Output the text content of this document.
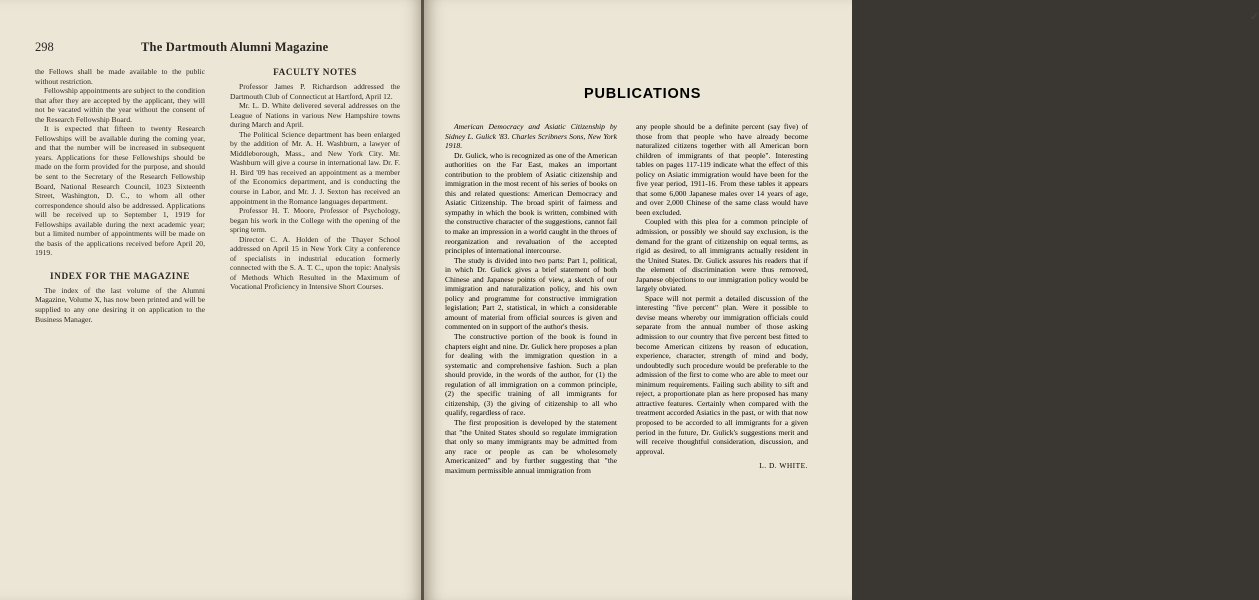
298	The Dartmouth Alumni Magazine

the Fellows shall be made available to the public without restriction.

Fellowship appointments are subject to the condition that after they are accepted by the applicant, they will not be vacated within the year without the consent of the Research Fellowship Board.

It is expected that fifteen to twenty Research Fellowships will be available during the coming year, and that the number will be increased in subsequent years. Applications for these Fellowships should be made on the form provided for the purpose, and should be sent to the Secretary of the Research Fellowship Board, National Research Council, 1023 Sixteenth Street, Washington, D. C., to whom all other correspondence should also be addressed. Applications will be received up to September 1, 1919 for Fellowships available during the next academic year; but a limited number of appointments will be made on the basis of the applications received before April 20, 1919.

INDEX FOR THE MAGAZINE

The index of the last volume of the Alumni Magazine, Volume X, has now been printed and will be supplied to any one desiring it on application to the Business Manager.

FACULTY NOTES

Professor James P. Richardson addressed the Dartmouth Club of Connecticut at Hartford, April 12.

Mr. L. D. White delivered several addresses on the League of Nations in various New Hampshire towns during March and April.

The Political Science department has been enlarged by the addition of Mr. A. H. Washburn, a lawyer of Middleborough, Mass., and New York City. Mr. Washburn will give a course in international law. Dr. F. H. Bird '09 has received an appointment as a member of the Economics department, and is conducting the course in Labor, and Mr. J. J. Sexton has received an appointment in the Romance languages department.

Professor H. T. Moore, Professor of Psychology, began his work in the College with the opening of the spring term.

Director C. A. Holden of the Thayer School addressed on April 15 in New York City a conference of specialists in industrial education formerly connected with the S. A. T. C., upon the topic: Analysis of Methods Which Resulted in the Maximum of Vocational Proficiency in Intensive Short Courses.

✓
PUBLICATIONS

American Democracy and Asiatic Citizenship by Sidney L. Gulick '83. Charles Scribners Sons, New York 1918.

Dr. Gulick, who is recognized as one of the American authorities on the Far East, makes an important contribution to the problem of Asiatic citizenship and immigration in the most recent of his series of books on this and related questions: American Democracy and Asiatic Citizenship. The broad spirit of fairness and sympathy in which the book is written, combined with the constructive character of the suggestions, cannot fail to make an impression in a world caught in the throes of reorganization and revaluation of the accepted principles of international intercourse.

The study is divided into two parts: Part 1, political, in which Dr. Gulick gives a brief statement of both Chinese and Japanese points of view, a sketch of our immigration and naturalization policy, and his own policy and programme for constructive immigration legislation; Part 2, statistical, in which a considerable amount of material from official sources is given and commented on in support of the author's thesis.

The constructive portion of the book is found in chapters eight and nine. Dr. Gulick here proposes a plan for dealing with the immigration question in a systematic and comprehensive fashion. Such a plan should provide, in the words of the author, for (1) the regulation of all immigration on a common principle, (2) the specific training of all immigrants for citizenship, (3) the giving of citizenship to all who qualify, regardless of race.

The first proposition is developed by the statement that "the United States should so regulate immigration that only so many immigrants may be admitted from any race or people as can be wholesomely Americanized" and by further suggesting that "the maximum permissible annual immigration from

any people should be a definite percent (say five) of those from that people who have already become naturalized citizens together with all American born children of immigrants of that people". Interesting tables on pages 117-119 indicate what the effect of this policy on Asiatic immigration would have been for the five year period, 1911-16. From these tables it appears that some 6,000 Japanese males over 14 years of age, and over 2,000 Chinese of the same class would have been excluded.

Coupled with this plea for a common principle of admission, or possibly we should say exclusion, is the demand for the grant of citizenship on equal terms, as rigid as desired, to all immigrants actually resident in the United States. Dr. Gulick assures his readers that if the element of discrimination were thus removed, Japanese objections to our immigration policy would be largely obviated.

Space will not permit a detailed discussion of the interesting "five percent" plan. Were it possible to devise means whereby our immigration officials could separate from the annual number of those asking admission to our country that five percent best fitted to become American citizens by reason of education, experience, character, strength of mind and body, undoubtedly such procedure would be preferable to the admission of the first to come who are able to meet our minimum requirements. Failing such ability to sift and reject, a proportionate plan as here proposed has many attractive features. Certainly when compared with the treatment accorded Asiatics in the past, or with that now proposed to be accorded to all immigrants for a given period in the future, Dr. Gulick's suggestions merit and will receive thoughtful consideration, discussion, and approval.

L. D. WHITE.
